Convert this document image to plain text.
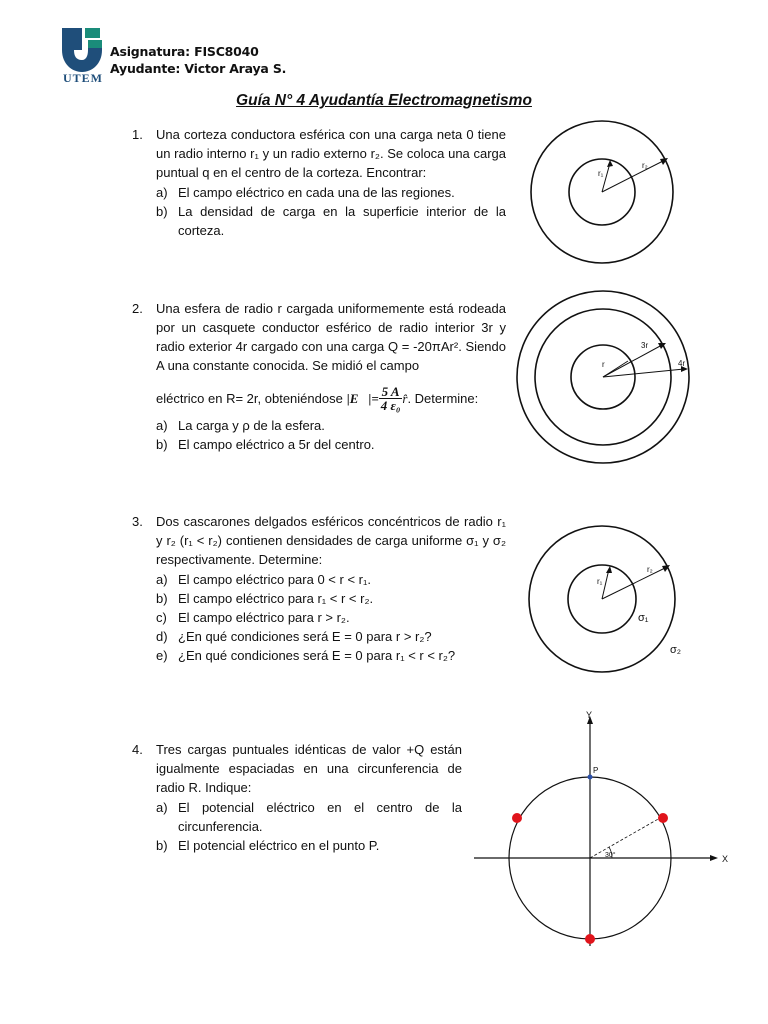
UTEM
Asignatura: FISC8040
Ayudante: Victor Araya S.
Guía N° 4 Ayudantía Electromagnetismo
1.	Una corteza conductora esférica con una carga neta 0 tiene un radio interno r₁ y un radio externo r₂. Se coloca una carga puntual q en el centro de la corteza. Encontrar:
a) El campo eléctrico en cada una de las regiones.
b) La densidad de carga en la superficie interior de la corteza.
r₁
r₂
2.	Una esfera de radio r cargada uniformemente está rodeada por un casquete conductor esférico de radio interior 3r y radio exterior 4r cargado con una carga Q = -20πAr². Siendo A una constante conocida. Se midió el campo
eléctrico en R= 2r, obteniéndose |E⃗|= $\frac{5 A}{\text{4 ε₀}}$ r̂ . Determine:
a) La carga y ρ de la esfera.
b) El campo eléctrico a 5r del centro.
r
3r
4r
3.	Dos cascarones delgados esféricos concéntricos de radio r₁ y r₂ (r₁ < r₂) contienen densidades de carga uniforme σ₁ y σ₂ respectivamente. Determine:
a) El campo eléctrico para 0 < r < r₁.
b) El campo eléctrico para r₁ < r < r₂.
c) El campo eléctrico para r > r₂.
d) ¿En qué condiciones será E = 0 para r > r₂?
e) ¿En qué condiciones será E = 0 para r₁ < r < r₂?
r₁
r₂
σ₁
σ₂
4.	Tres cargas puntuales idénticas de valor +Q están igualmente espaciadas en una circunferencia de radio R. Indique:
a) El potencial eléctrico en el centro de la circunferencia.
b) El potencial eléctrico en el punto P.
Y
X
30°
P
